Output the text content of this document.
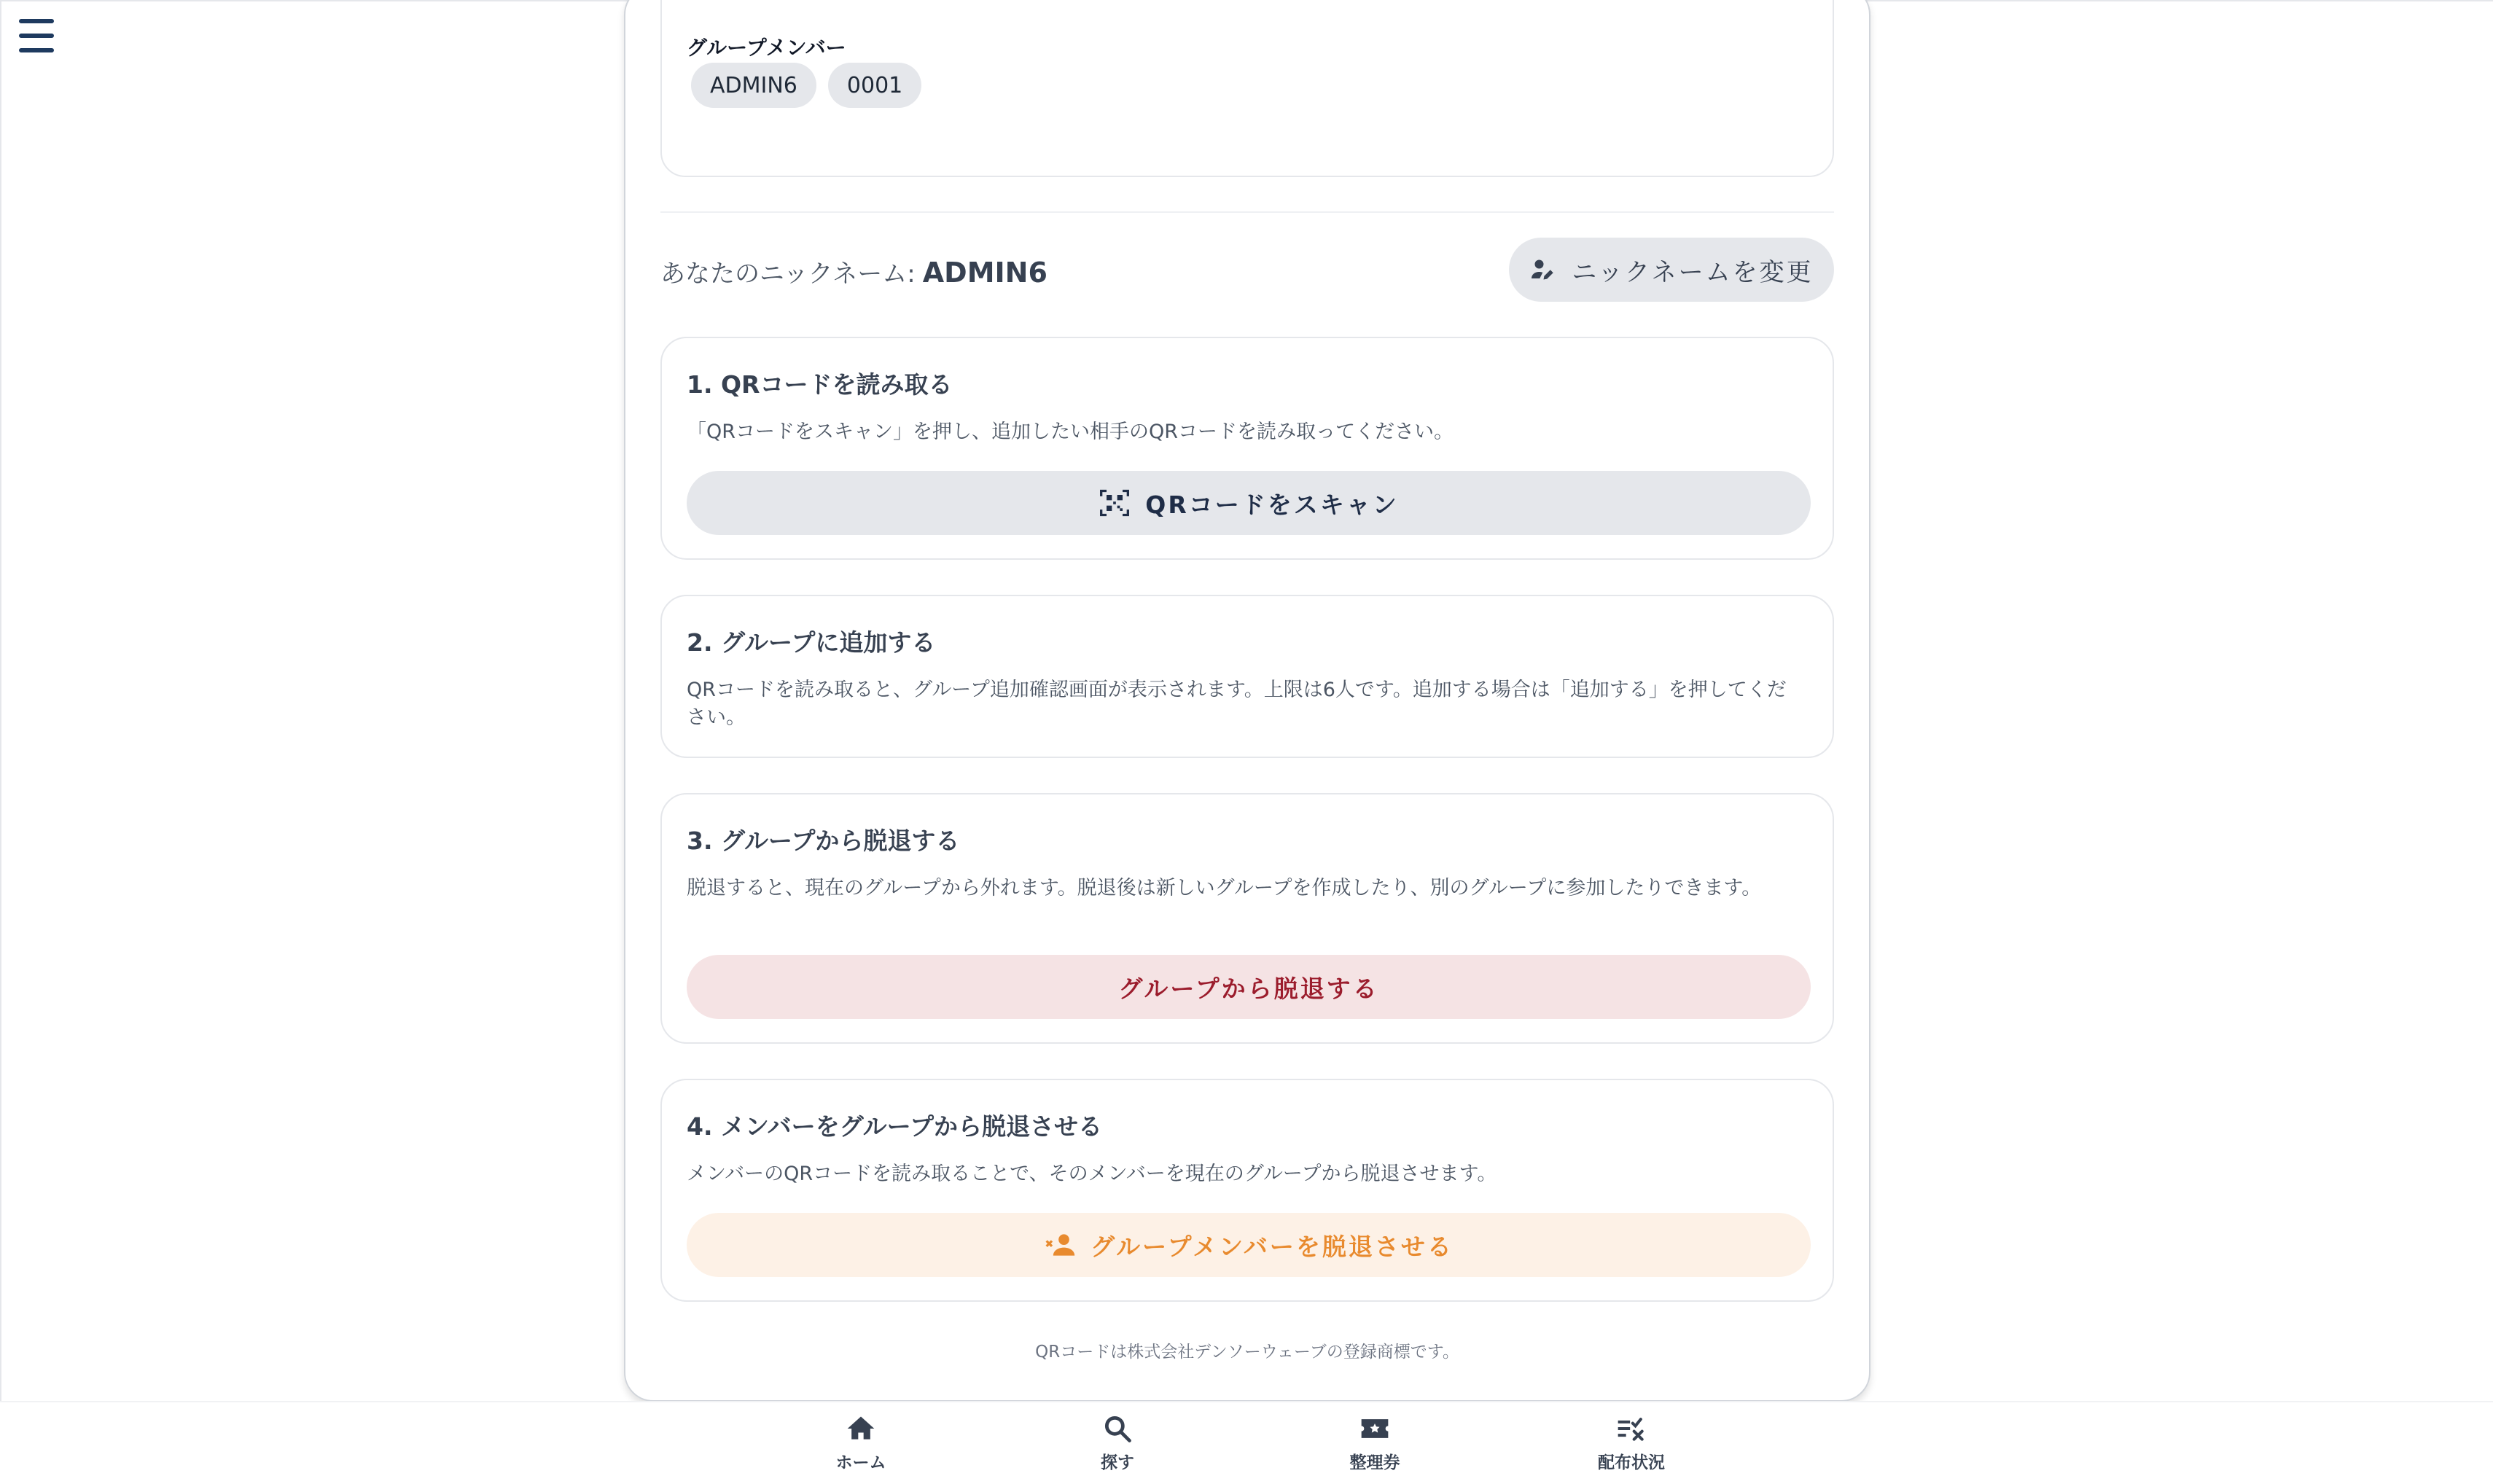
グループメンバー
ADMIN6	0001
あなたのニックネーム: ADMIN6	ニックネームを変更
1. QRコードを読み取る
「QRコードをスキャン」を押し、追加したい相手のQRコードを読み取ってください。
QRコードをスキャン
2. グループに追加する
QRコードを読み取ると、グループ追加確認画面が表示されます。上限は6人です。追加する場合は「追加する」を押してください。
3. グループから脱退する
脱退すると、現在のグループから外れます。脱退後は新しいグループを作成したり、別のグループに参加したりできます。
グループから脱退する
4. メンバーをグループから脱退させる
メンバーのQRコードを読み取ることで、そのメンバーを現在のグループから脱退させます。
グループメンバーを脱退させる
QRコードは株式会社デンソーウェーブの登録商標です。
ホーム	探す	整理券	配布状況
